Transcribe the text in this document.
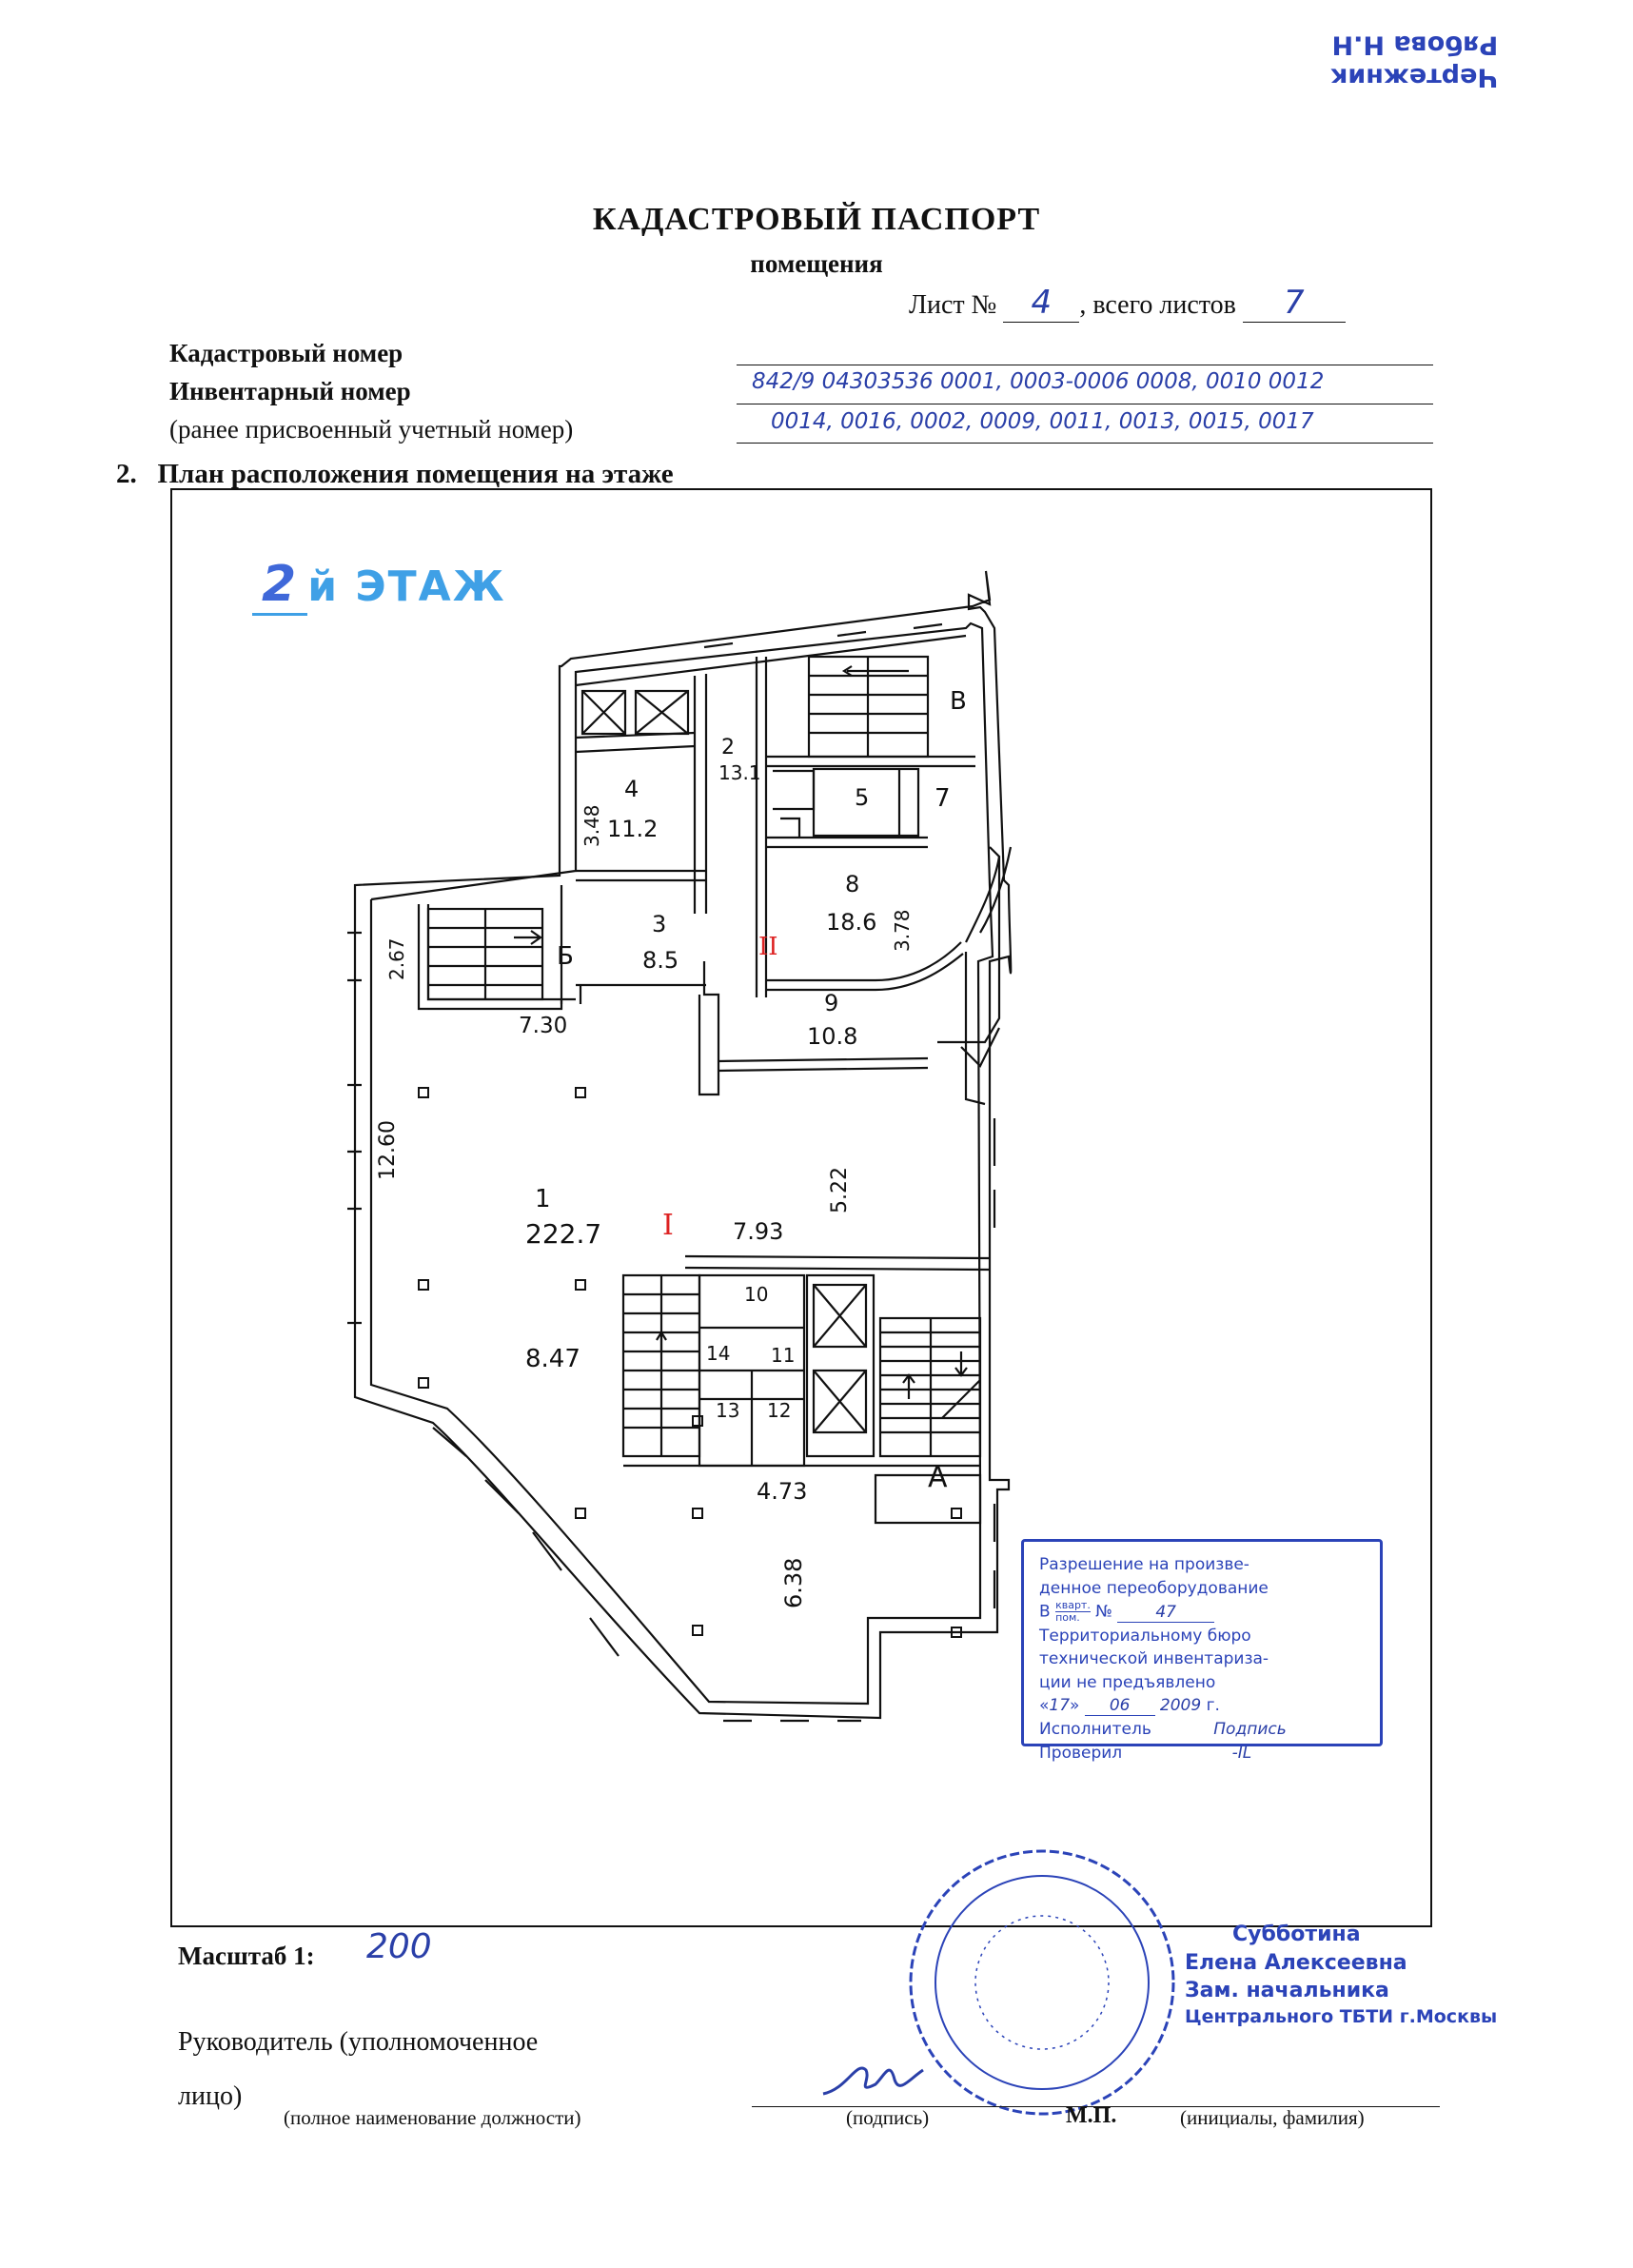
Чертежник
Рябова Н.Н
КАДАСТРОВЫЙ ПАСПОРТ
помещения
Лист № 4 , всего листов 7
Кадастровый номер
Инвентарный номер	842/9 04303536 0001, 0003-0006 0008, 0010 0012
(ранее присвоенный учетный номер)	0014, 0016, 0002, 0009, 0011, 0013, 0015, 0017
2. План расположения помещения на этаже
2 й ЭТАЖ
1
222.7
2
13.1
3
8.5
4
11.2
5	7
8
18.6
9
10.8
10
11
12
13
14
Б
В
А
7.30
12.60
2.67
3.48
3.78
5.22
7.93
8.47
4.73
6.38
I
II
Разрешение на произве-
денное переоборудование
В кварт.
пом. №	47
Территориальному бюро
технической инвентариза-
ции не предъявлено
«17» 06 2009 г.
Исполнитель	Подпись
Проверил	-IL
Субботина
Елена Алексеевна
Зам. начальника
Центрального ТБТИ г.Москвы
Масштаб 1: 200
Руководитель (уполномоченное
лицо)
(полное наименование должности)	(подпись)	М.П.	(инициалы, фамилия)
